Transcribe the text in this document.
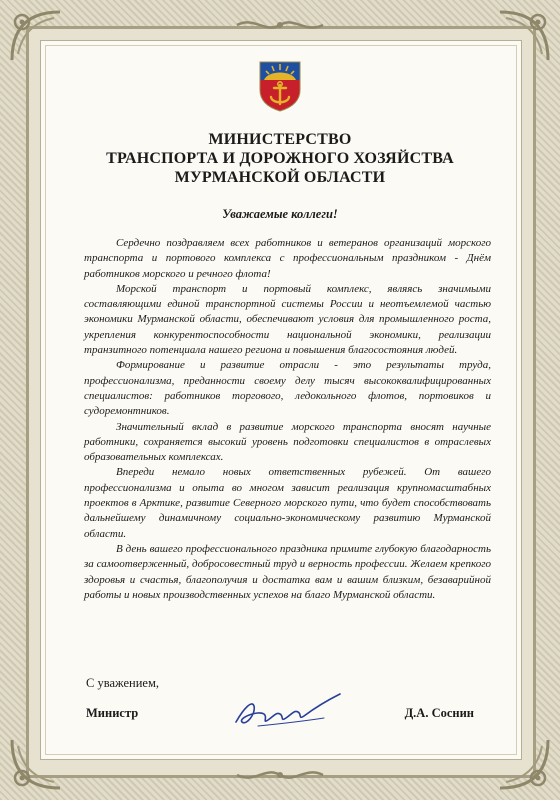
МИНИСТЕРСТВО
ТРАНСПОРТА И ДОРОЖНОГО ХОЗЯЙСТВА
МУРМАНСКОЙ ОБЛАСТИ
Уважаемые коллеги!

Сердечно поздравляем всех работников и ветеранов организаций морского транспорта и портового комплекса с профессиональным праздником - Днём работников морского и речного флота!

Морской транспорт и портовый комплекс, являясь значимыми составляющими единой транспортной системы России и неотъемлемой частью экономики Мурманской области, обеспечивают условия для промышленного роста, укрепления конкурентоспособности национальной экономики, реализации транзитного потенциала нашего региона и повышения благосостояния людей.

Формирование и развитие отрасли - это результаты труда, профессионализма, преданности своему делу тысяч высококвалифицированных специалистов: работников торгового, ледокольного флотов, портовиков и судоремонтников.

Значительный вклад в развитие морского транспорта вносят научные работники, сохраняется высокий уровень подготовки специалистов в отраслевых образовательных комплексах.

Впереди немало новых ответственных рубежей. От вашего профессионализма и опыта во многом зависит реализация крупномасштабных проектов в Арктике, развитие Северного морского пути, что будет способствовать дальнейшему динамичному социально-экономическому развитию Мурманской области.

В день вашего профессионального праздника примите глубокую благодарность за самоотверженный, добросовестный труд и верность профессии. Желаем крепкого здоровья и счастья, благополучия и достатка вам и вашим близким, безаварийной работы и новых производственных успехов на благо Мурманской области.

С уважением,
Министр	Д.А. Соснин
